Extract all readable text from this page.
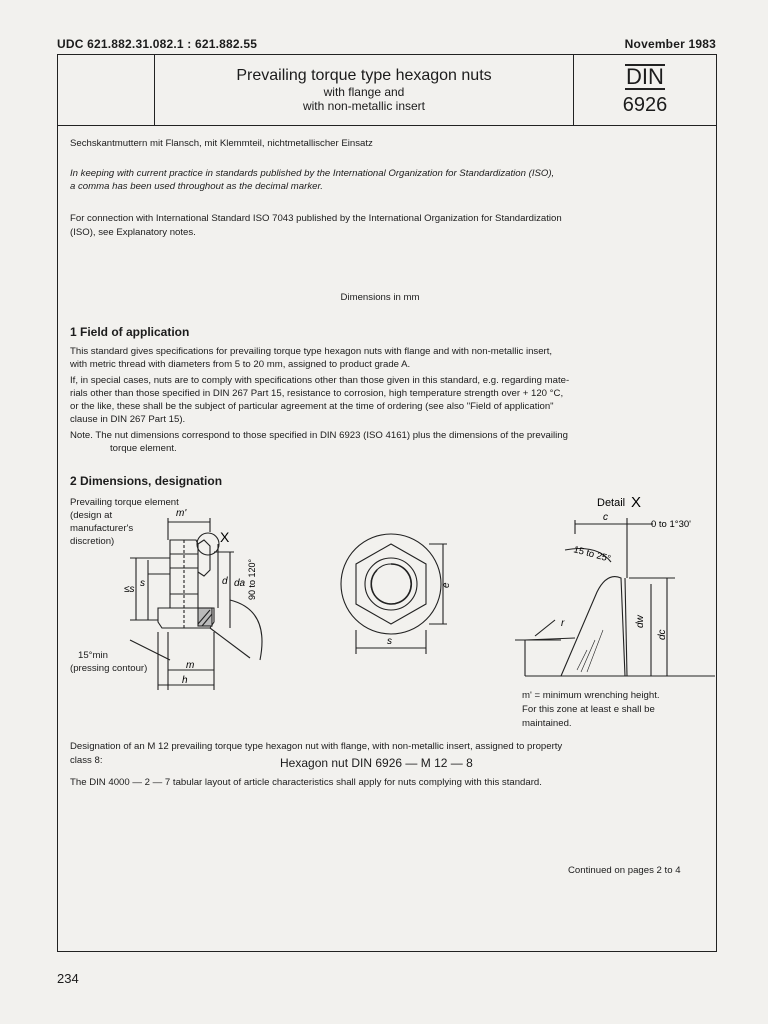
UDC 621.882.31.082.1 : 621.882.55	November 1983
Prevailing torque type hexagon nuts
with flange and
with non-metallic insert
DIN
6926
Sechskantmuttern mit Flansch, mit Klemmteil, nichtmetallischer Einsatz
In keeping with current practice in standards published by the International Organization for Standardization (ISO),
a comma has been used throughout as the decimal marker.
For connection with International Standard ISO 7043 published by the International Organization for Standardization
(ISO), see Explanatory notes.
Dimensions in mm
1 Field of application
This standard gives specifications for prevailing torque type hexagon nuts with flange and with non-metallic insert,
with metric thread with diameters from 5 to 20 mm, assigned to product grade A.
If, in special cases, nuts are to comply with specifications other than those given in this standard, e.g. regarding mate-
rials other than those specified in DIN 267 Part 15, resistance to corrosion, high temperature strength over + 120 °C,
or the like, these shall be the subject of particular agreement at the time of ordering (see also "Field of application"
clause in DIN 267 Part 15).
Note. The nut dimensions correspond to those specified in DIN 6923 (ISO 4161) plus the dimensions of the prevailing
torque element.
2 Dimensions, designation
Prevailing torque element
(design at
manufacturer's
discretion)
15°min
(pressing contour)
m'
X
≤s
s	d da 90 to 120°
m
h
e
s
Detail X
c
0 to 1°30'
15 to 25°
r	dw
dc
m' = minimum wrenching height.
For this zone at least e shall be
maintained.
Designation of an M 12 prevailing torque type hexagon nut with flange, with non-metallic insert, assigned to property
class 8:	Hexagon nut DIN 6926 — M 12 — 8
The DIN 4000 — 2 — 7 tabular layout of article characteristics shall apply for nuts complying with this standard.
Continued on pages 2 to 4
234
